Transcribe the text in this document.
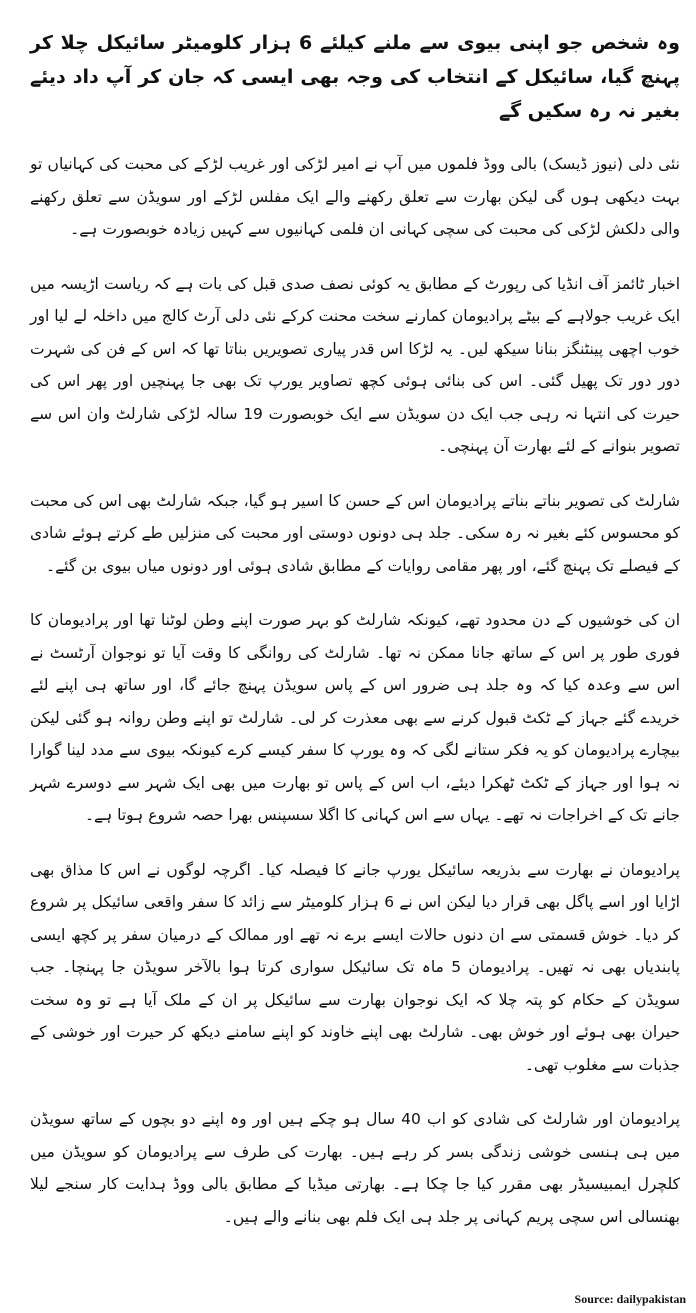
وہ شخص جو اپنی بیوی سے ملنے کیلئے 6 ہزار کلومیٹر سائیکل چلا کر پہنچ گیا، سائیکل کے انتخاب کی وجہ بھی ایسی کہ جان کر آپ داد دیئے بغیر نہ رہ سکیں گے

نئی دلی (نیوز ڈیسک) بالی ووڈ فلموں میں آپ نے امیر لڑکی اور غریب لڑکے کی محبت کی کہانیاں تو بہت دیکھی ہوں گی لیکن بھارت سے تعلق رکھنے والے ایک مفلس لڑکے اور سویڈن سے تعلق رکھنے والی دلکش لڑکی کی محبت کی سچی کہانی ان فلمی کہانیوں سے کہیں زیادہ خوبصورت ہے۔

اخبار ٹائمز آف انڈیا کی رپورٹ کے مطابق یہ کوئی نصف صدی قبل کی بات ہے کہ ریاست اڑیسہ میں ایک غریب جولاہے کے بیٹے پرادیومان کمارنے سخت محنت کرکے نئی دلی آرٹ کالج میں داخلہ لے لیا اور خوب اچھی پینٹنگز بنانا سیکھ لیں۔ یہ لڑکا اس قدر پیاری تصویریں بناتا تھا کہ اس کے فن کی شہرت دور دور تک پھیل گئی۔ اس کی بنائی ہوئی کچھ تصاویر یورپ تک بھی جا پہنچیں اور پھر اس کی حیرت کی انتہا نہ رہی جب ایک دن سویڈن سے ایک خوبصورت 19 سالہ لڑکی شارلٹ وان اس سے تصویر بنوانے کے لئے بھارت آن پہنچی۔

شارلٹ کی تصویر بناتے بناتے پرادیومان اس کے حسن کا اسیر ہو گیا، جبکہ شارلٹ بھی اس کی محبت کو محسوس کئے بغیر نہ رہ سکی۔ جلد ہی دونوں دوستی اور محبت کی منزلیں طے کرتے ہوئے شادی کے فیصلے تک پہنچ گئے، اور پھر مقامی روایات کے مطابق شادی ہوئی اور دونوں میاں بیوی بن گئے۔

ان کی خوشیوں کے دن محدود تھے، کیونکہ شارلٹ کو بہر صورت اپنے وطن لوٹنا تھا اور پرادیومان کا فوری طور پر اس کے ساتھ جانا ممکن نہ تھا۔ شارلٹ کی روانگی کا وقت آیا تو نوجوان آرٹسٹ نے اس سے وعدہ کیا کہ وہ جلد ہی ضرور اس کے پاس سویڈن پہنچ جائے گا، اور ساتھ ہی اپنے لئے خریدے گئے جہاز کے ٹکٹ قبول کرنے سے بھی معذرت کر لی۔ شارلٹ تو اپنے وطن روانہ ہو گئی لیکن بیچارے پرادیومان کو یہ فکر ستانے لگی کہ وہ یورپ کا سفر کیسے کرے کیونکہ بیوی سے مدد لینا گوارا نہ ہوا اور جہاز کے ٹکٹ ٹھکرا دیئے، اب اس کے پاس تو بھارت میں بھی ایک شہر سے دوسرے شہر جانے تک کے اخراجات نہ تھے۔ یہاں سے اس کہانی کا اگلا سسپنس بھرا حصہ شروع ہوتا ہے۔

پرادیومان نے بھارت سے بذریعہ سائیکل یورپ جانے کا فیصلہ کیا۔ اگرچہ لوگوں نے اس کا مذاق بھی اڑایا اور اسے پاگل بھی قرار دیا لیکن اس نے 6 ہزار کلومیٹر سے زائد کا سفر واقعی سائیکل پر شروع کر دیا۔ خوش قسمتی سے ان دنوں حالات ایسے برے نہ تھے اور ممالک کے درمیان سفر پر کچھ ایسی پابندیاں بھی نہ تھیں۔ پرادیومان 5 ماہ تک سائیکل سواری کرتا ہوا بالآخر سویڈن جا پہنچا۔ جب سویڈن کے حکام کو پتہ چلا کہ ایک نوجوان بھارت سے سائیکل پر ان کے ملک آیا ہے تو وہ سخت حیران بھی ہوئے اور خوش بھی۔ شارلٹ بھی اپنے خاوند کو اپنے سامنے دیکھ کر حیرت اور خوشی کے جذبات سے مغلوب تھی۔

پرادیومان اور شارلٹ کی شادی کو اب 40 سال ہو چکے ہیں اور وہ اپنے دو بچوں کے ساتھ سویڈن میں ہی ہنسی خوشی زندگی بسر کر رہے ہیں۔ بھارت کی طرف سے پرادیومان کو سویڈن میں کلچرل ایمبیسیڈر بھی مقرر کیا جا چکا ہے۔ بھارتی میڈیا کے مطابق بالی ووڈ ہدایت کار سنجے لیلا بھنسالی اس سچی پریم کہانی پر جلد ہی ایک فلم بھی بنانے والے ہیں۔

Source: dailypakistan
